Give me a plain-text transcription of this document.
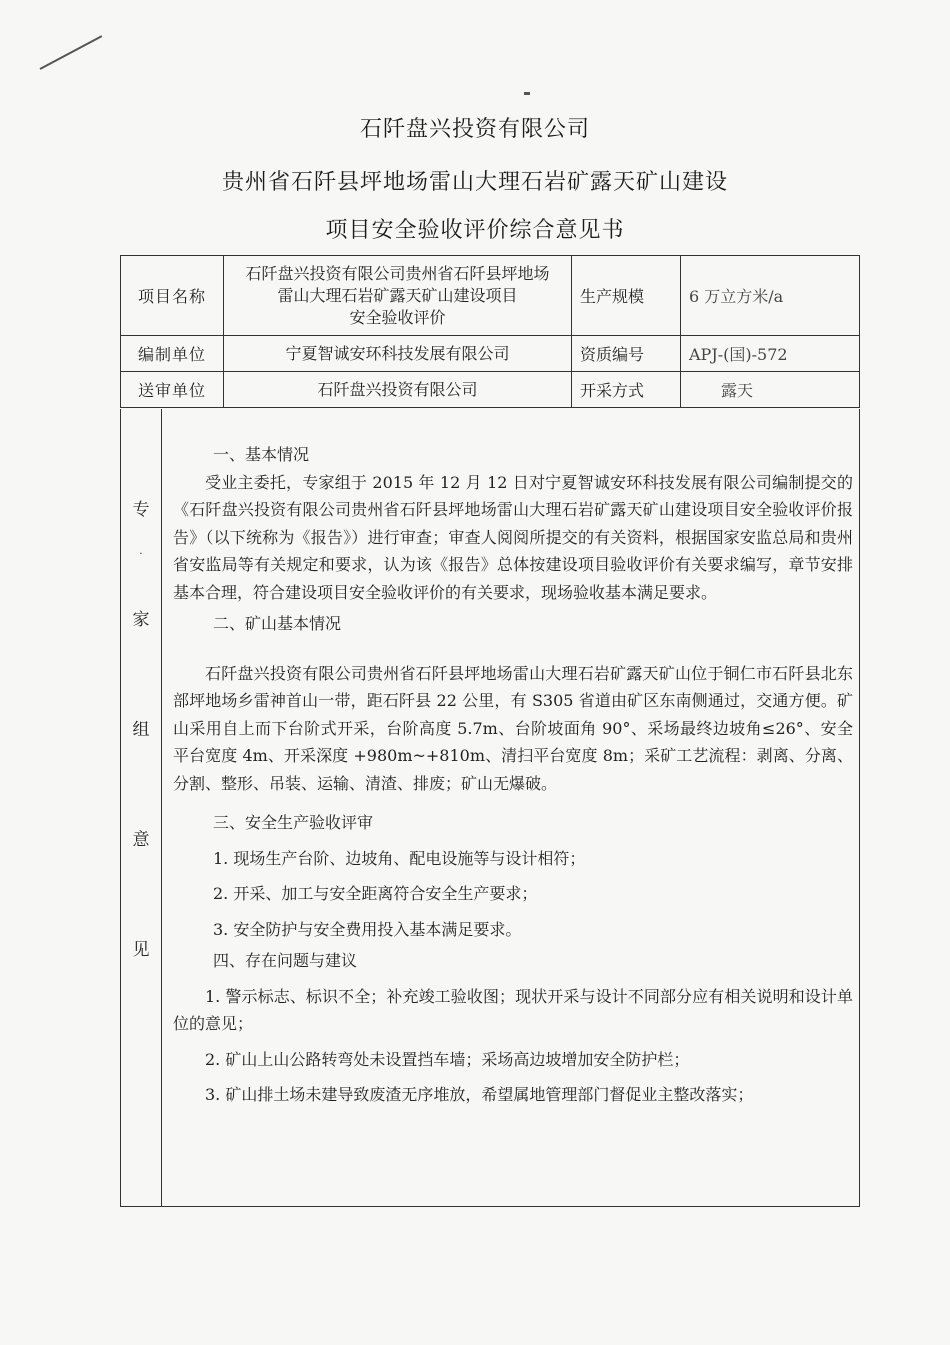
石阡盘兴投资有限公司
贵州省石阡县坪地场雷山大理石岩矿露天矿山建设
项目安全验收评价综合意见书
项目名称	石阡盘兴投资有限公司贵州省石阡县坪地场
雷山大理石岩矿露天矿山建设项目
安全验收评价	生产规模	6 万立方米/a
编制单位	宁夏智诚安环科技发展有限公司	资质编号	APJ-(国)-572
送审单位	石阡盘兴投资有限公司	开采方式	露天
专
·
家
组
意
见

一、基本情况

受业主委托，专家组于 2015 年 12 月 12 日对宁夏智诚安环科技发展有限公司编制提交的《石阡盘兴投资有限公司贵州省石阡县坪地场雷山大理石岩矿露天矿山建设项目安全验收评价报告》（以下统称为《报告》）进行审查；审查人阅阅所提交的有关资料，根据国家安监总局和贵州省安监局等有关规定和要求，认为该《报告》总体按建设项目验收评价有关要求编写，章节安排基本合理，符合建设项目安全验收评价的有关要求，现场验收基本满足要求。

二、矿山基本情况

石阡盘兴投资有限公司贵州省石阡县坪地场雷山大理石岩矿露天矿山位于铜仁市石阡县北东部坪地场乡雷神首山一带，距石阡县 22 公里，有 S305 省道由矿区东南侧通过，交通方便。矿山采用自上而下台阶式开采，台阶高度 5.7m、台阶坡面角 90°、采场最终边坡角≤26°、安全平台宽度 4m、开采深度 +980m~+810m、清扫平台宽度 8m；采矿工艺流程：剥离、分离、分割、整形、吊装、运输、清渣、排废；矿山无爆破。

三、安全生产验收评审

1. 现场生产台阶、边坡角、配电设施等与设计相符；

2. 开采、加工与安全距离符合安全生产要求；

3. 安全防护与安全费用投入基本满足要求。

四、存在问题与建议

1. 警示标志、标识不全；补充竣工验收图；现状开采与设计不同部分应有相关说明和设计单位的意见；

2. 矿山上山公路转弯处未设置挡车墙；采场高边坡增加安全防护栏；

3. 矿山排土场未建导致废渣无序堆放，希望属地管理部门督促业主整改落实；
